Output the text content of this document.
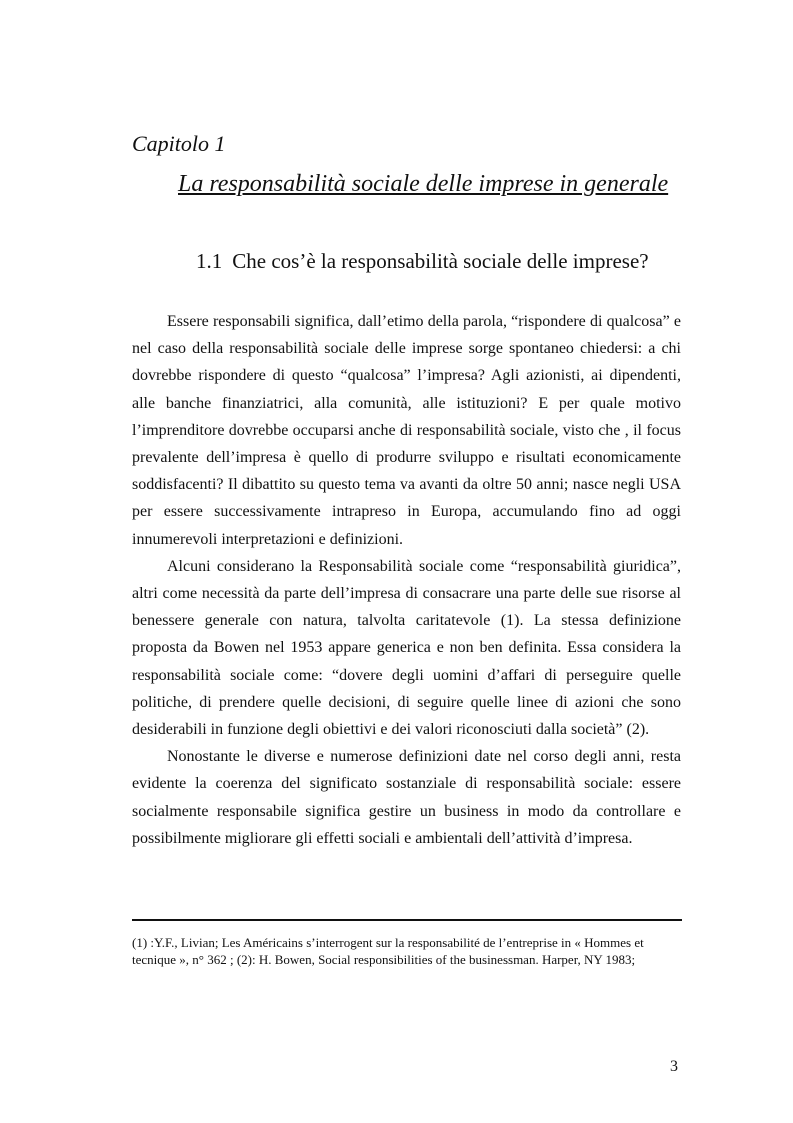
Capitolo 1
La responsabilità sociale delle imprese in generale
1.1 Che cos’è la responsabilità sociale delle imprese?

Essere responsabili significa, dall’etimo della parola, “rispondere di qualcosa” e nel caso della responsabilità sociale delle imprese sorge spontaneo chiedersi: a chi dovrebbe rispondere di questo “qualcosa” l’impresa? Agli azionisti, ai dipendenti, alle banche finanziatrici, alla comunità, alle istituzioni? E per quale motivo l’imprenditore dovrebbe occuparsi anche di responsabilità sociale, visto che , il focus prevalente dell’impresa è quello di produrre sviluppo e risultati economicamente soddisfacenti? Il dibattito su questo tema va avanti da oltre 50 anni; nasce negli USA per essere successivamente intrapreso in Europa, accumulando fino ad oggi innumerevoli interpretazioni e definizioni.

Alcuni considerano la Responsabilità sociale come “responsabilità giuridica”, altri come necessità da parte dell’impresa di consacrare una parte delle sue risorse al benessere generale con natura, talvolta caritatevole (1). La stessa definizione proposta da Bowen nel 1953 appare generica e non ben definita. Essa considera la responsabilità sociale come: “dovere degli uomini d’affari di perseguire quelle politiche, di prendere quelle decisioni, di seguire quelle linee di azioni che sono desiderabili in funzione degli obiettivi e dei valori riconosciuti dalla società” (2).

Nonostante le diverse e numerose definizioni date nel corso degli anni, resta evidente la coerenza del significato sostanziale di responsabilità sociale: essere socialmente responsabile significa gestire un business in modo da controllare e possibilmente migliorare gli effetti sociali e ambientali dell’attività d’impresa.

(1) :Y.F., Livian; Les Américains s’interrogent sur la responsabilité de l’entreprise in « Hommes et tecnique », n° 362 ; (2): H. Bowen, Social responsibilities of the businessman. Harper, NY 1983;

3
